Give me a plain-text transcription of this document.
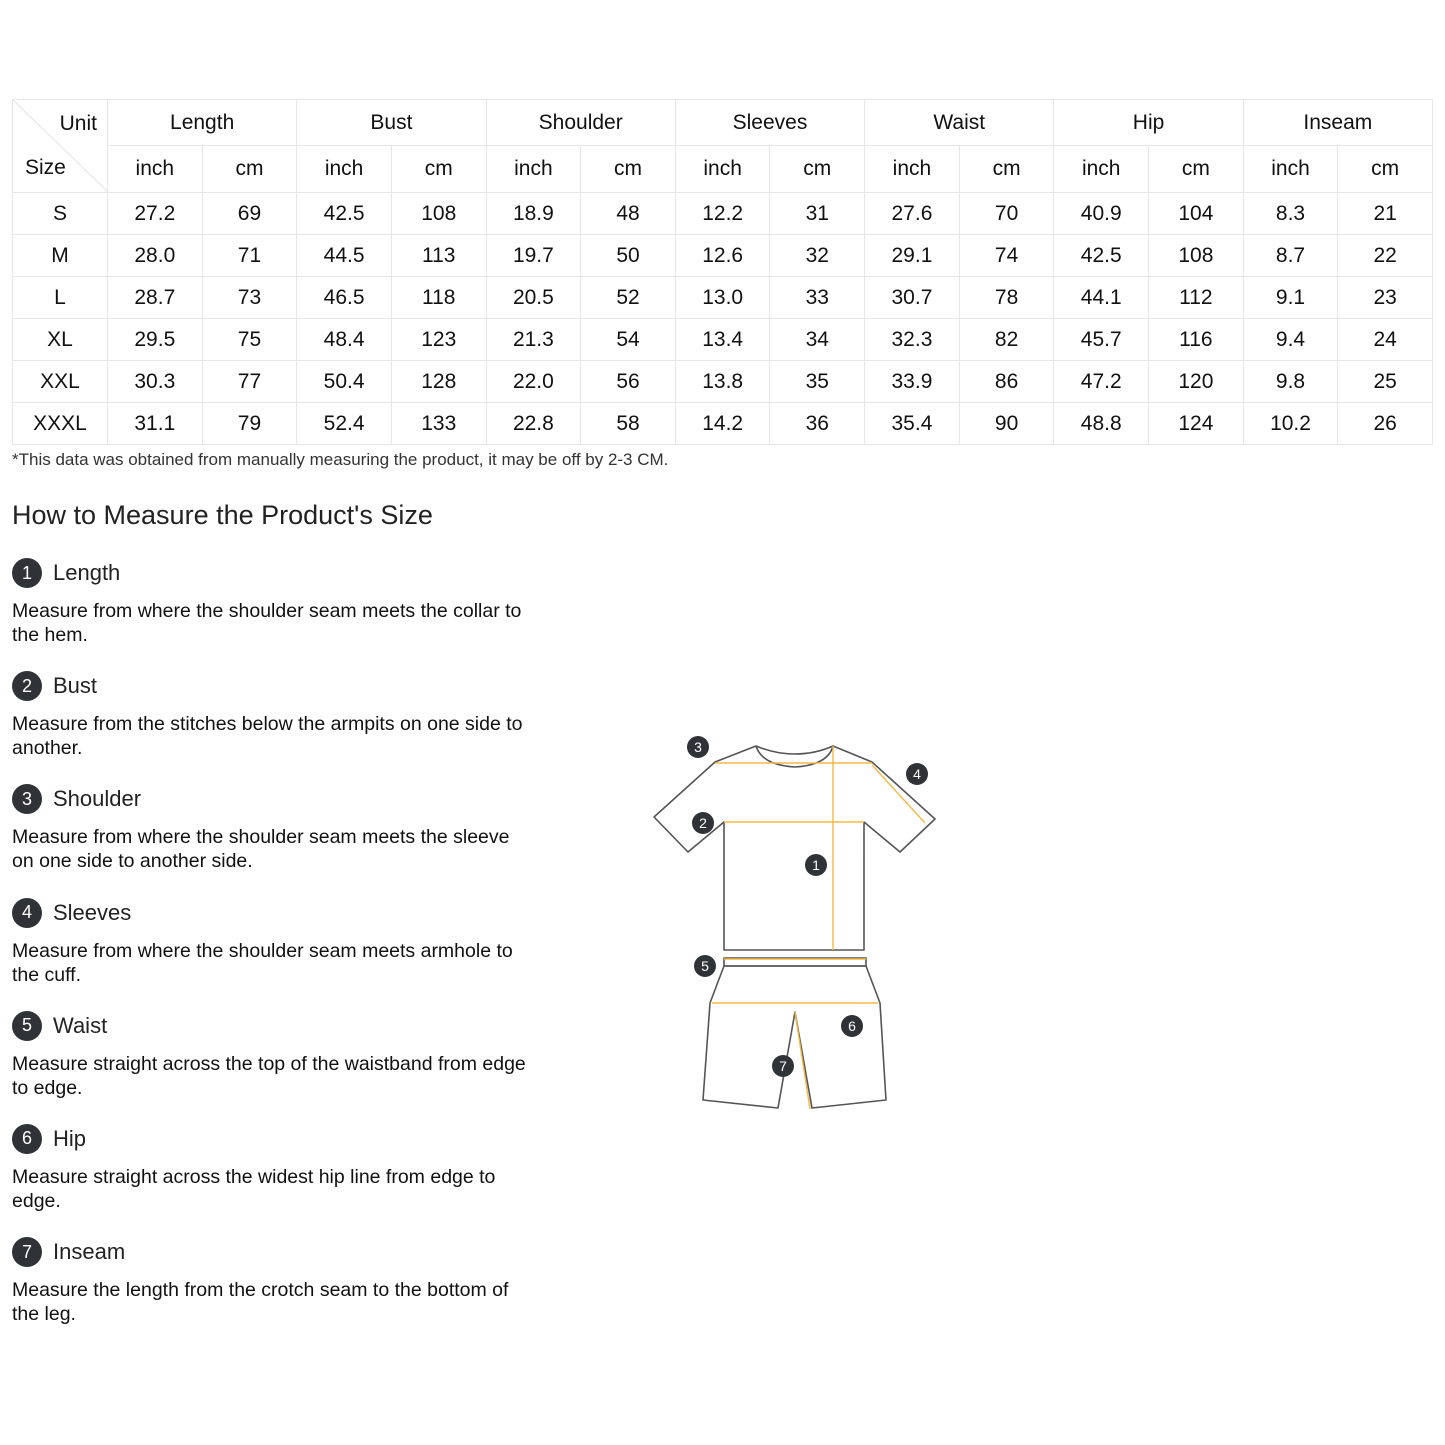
Unit
Size	Length		Bust		Shoulder		Sleeves		Waist		Hip		Inseam	
	inch	cm	inch	cm	inch	cm	inch	cm	inch	cm	inch	cm	inch	cm
S	27.2	69	42.5	108	18.9	48	12.2	31	27.6	70	40.9	104	8.3	21
M	28.0	71	44.5	113	19.7	50	12.6	32	29.1	74	42.5	108	8.7	22
L	28.7	73	46.5	118	20.5	52	13.0	33	30.7	78	44.1	112	9.1	23
XL	29.5	75	48.4	123	21.3	54	13.4	34	32.3	82	45.7	116	9.4	24
XXL	30.3	77	50.4	128	22.0	56	13.8	35	33.9	86	47.2	120	9.8	25
XXXL	31.1	79	52.4	133	22.8	58	14.2	36	35.4	90	48.8	124	10.2	26
*This data was obtained from manually measuring the product, it may be off by 2-3 CM.
How to Measure the Product's Size
1 Length
Measure from where the shoulder seam meets the collar to the hem.
2 Bust
Measure from the stitches below the armpits on one side to another.
3 Shoulder
Measure from where the shoulder seam meets the sleeve on one side to another side.
4 Sleeves
Measure from where the shoulder seam meets armhole to the cuff.
5 Waist
Measure straight across the top of the waistband from edge to edge.
6 Hip
Measure straight across the widest hip line from edge to edge.
7 Inseam
Measure the length from the crotch seam to the bottom of the leg.
1
2
3
4
5
6
7
